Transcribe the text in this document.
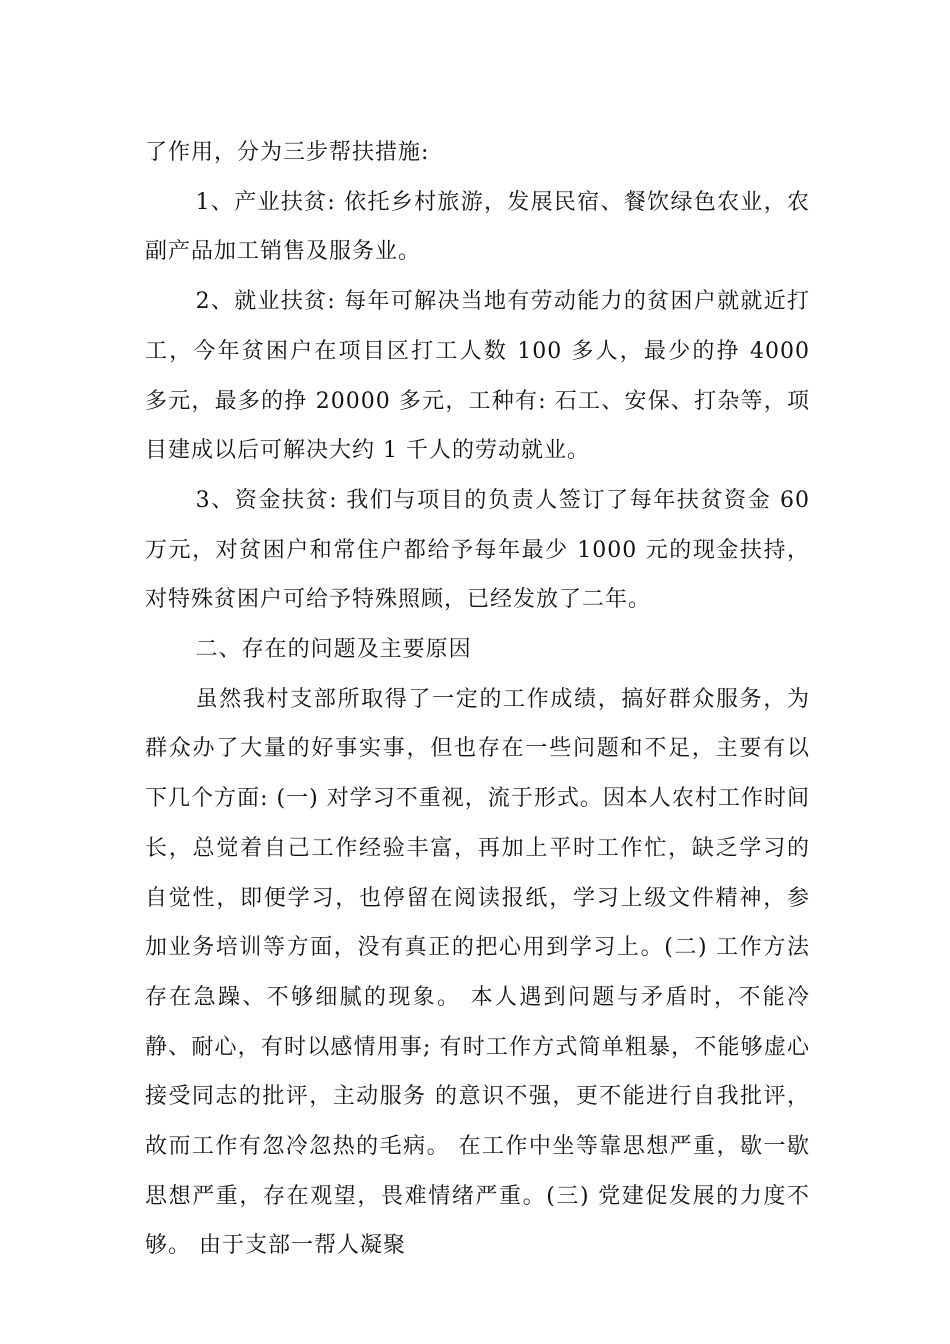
了作用，分为三步帮扶措施:

1、产业扶贫: 依托乡村旅游，发展民宿、餐饮绿色农业，农副产品加工销售及服务业。

2、就业扶贫: 每年可解决当地有劳动能力的贫困户就就近打工，今年贫困户在项目区打工人数 100 多人，最少的挣 4000 多元，最多的挣 20000 多元，工种有: 石工、安保、打杂等，项目建成以后可解决大约 1 千人的劳动就业。

3、资金扶贫: 我们与项目的负责人签订了每年扶贫资金 60 万元，对贫困户和常住户都给予每年最少 1000 元的现金扶持，对特殊贫困户可给予特殊照顾，已经发放了二年。

二、存在的问题及主要原因

虽然我村支部所取得了一定的工作成绩，搞好群众服务，为群众办了大量的好事实事，但也存在一些问题和不足，主要有以下几个方面: (一) 对学习不重视，流于形式。因本人农村工作时间长，总觉着自己工作经验丰富，再加上平时工作忙，缺乏学习的自觉性，即便学习，也停留在阅读报纸，学习上级文件精神，参加业务培训等方面，没有真正的把心用到学习上。(二) 工作方法存在急躁、不够细腻的现象。 本人遇到问题与矛盾时，不能冷静、耐心，有时以感情用事; 有时工作方式简单粗暴，不能够虚心接受同志的批评，主动服务 的意识不强，更不能进行自我批评，故而工作有忽冷忽热的毛病。 在工作中坐等靠思想严重，歇一歇思想严重，存在观望，畏难情绪严重。(三) 党建促发展的力度不够。 由于支部一帮人凝聚
